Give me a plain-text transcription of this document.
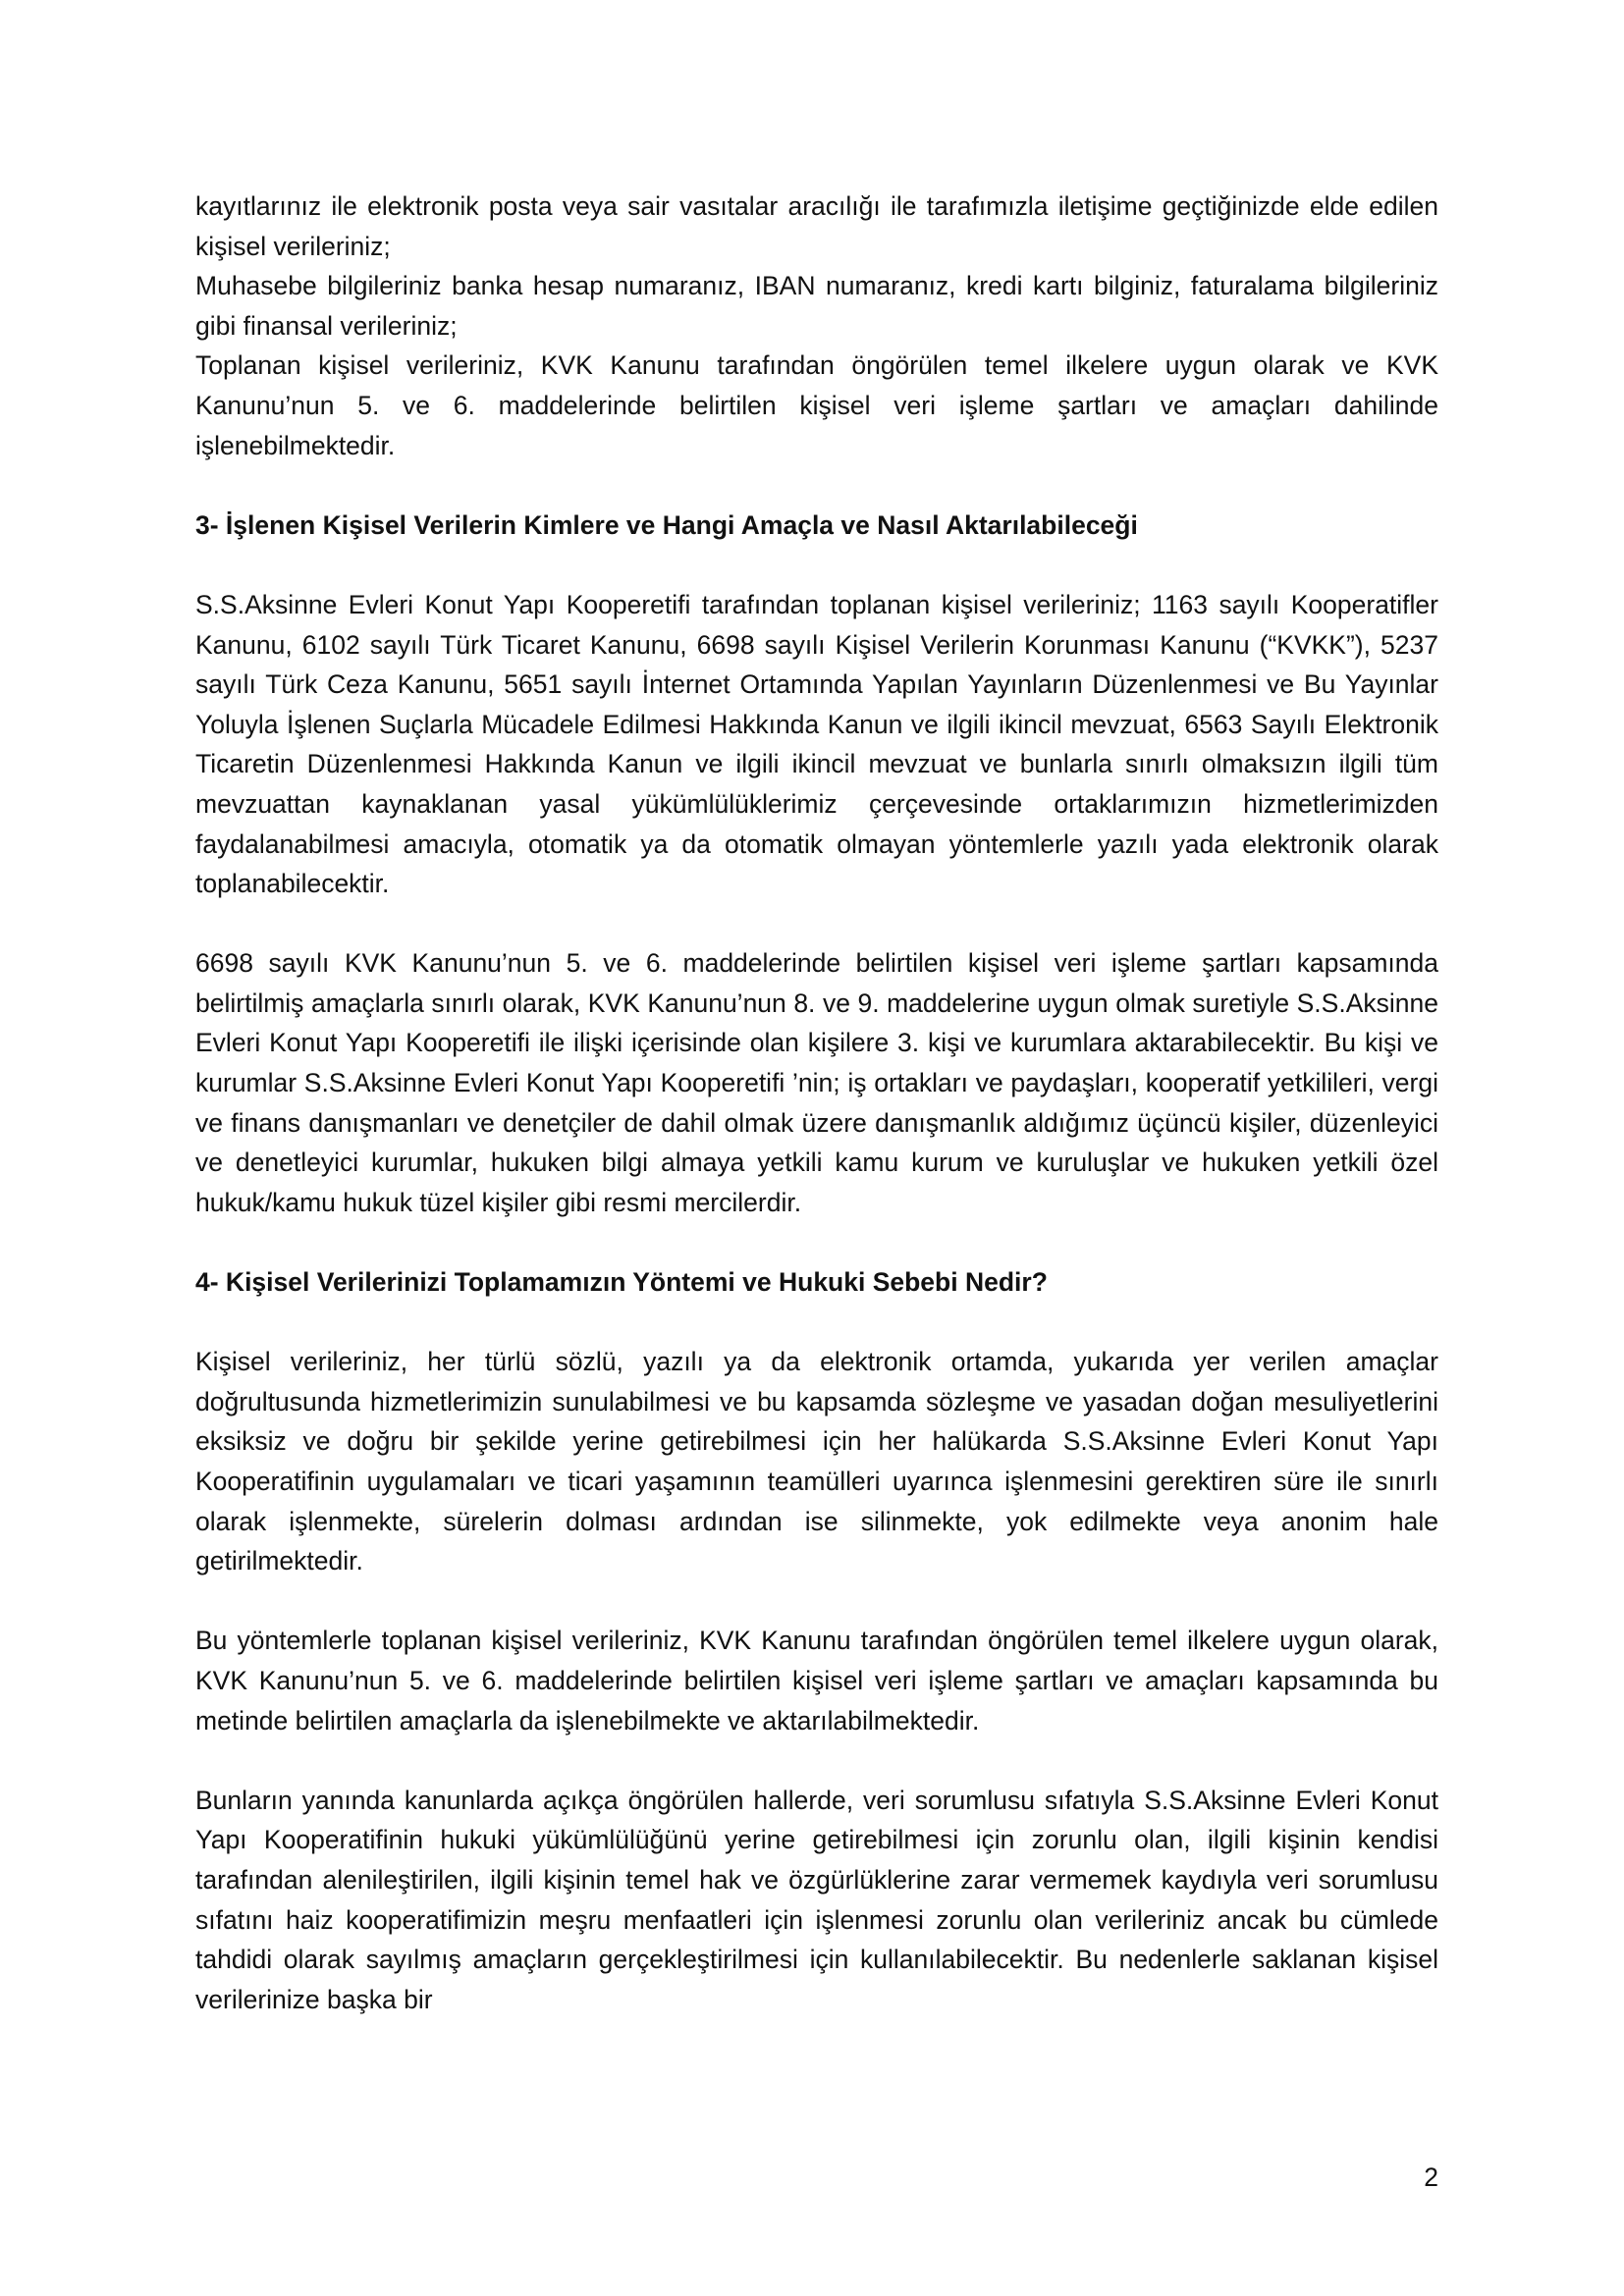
kayıtlarınız ile elektronik posta veya sair vasıtalar aracılığı ile tarafımızla iletişime geçtiğinizde elde edilen kişisel verileriniz;

Muhasebe bilgileriniz banka hesap numaranız, IBAN numaranız, kredi kartı bilginiz, faturalama bilgileriniz gibi finansal verileriniz;

Toplanan kişisel verileriniz, KVK Kanunu tarafından öngörülen temel ilkelere uygun olarak ve KVK Kanunu’nun 5. ve 6. maddelerinde belirtilen kişisel veri işleme şartları ve amaçları dahilinde işlenebilmektedir.

3- İşlenen Kişisel Verilerin Kimlere ve Hangi Amaçla ve Nasıl Aktarılabileceği

S.S.Aksinne Evleri Konut Yapı Kooperetifi tarafından toplanan kişisel verileriniz; 1163 sayılı Kooperatifler Kanunu, 6102 sayılı Türk Ticaret Kanunu, 6698 sayılı Kişisel Verilerin Korunması Kanunu (“KVKK”), 5237 sayılı Türk Ceza Kanunu, 5651 sayılı İnternet Ortamında Yapılan Yayınların Düzenlenmesi ve Bu Yayınlar Yoluyla İşlenen Suçlarla Mücadele Edilmesi Hakkında Kanun ve ilgili ikincil mevzuat, 6563 Sayılı Elektronik Ticaretin Düzenlenmesi Hakkında Kanun ve ilgili ikincil mevzuat ve bunlarla sınırlı olmaksızın ilgili tüm mevzuattan kaynaklanan yasal yükümlülüklerimiz çerçevesinde ortaklarımızın hizmetlerimizden faydalanabilmesi amacıyla, otomatik ya da otomatik olmayan yöntemlerle yazılı yada elektronik olarak toplanabilecektir.

6698 sayılı KVK Kanunu’nun 5. ve 6. maddelerinde belirtilen kişisel veri işleme şartları kapsamında belirtilmiş amaçlarla sınırlı olarak, KVK Kanunu’nun 8. ve 9. maddelerine uygun olmak suretiyle S.S.Aksinne Evleri Konut Yapı Kooperetifi ile ilişki içerisinde olan kişilere 3. kişi ve kurumlara aktarabilecektir. Bu kişi ve kurumlar S.S.Aksinne Evleri Konut Yapı Kooperetifi ’nin; iş ortakları ve paydaşları, kooperatif yetkilileri, vergi ve finans danışmanları ve denetçiler de dahil olmak üzere danışmanlık aldığımız üçüncü kişiler, düzenleyici ve denetleyici kurumlar, hukuken bilgi almaya yetkili kamu kurum ve kuruluşlar ve hukuken yetkili özel hukuk/kamu hukuk tüzel kişiler gibi resmi mercilerdir.

4- Kişisel Verilerinizi Toplamamızın Yöntemi ve Hukuki Sebebi Nedir?

Kişisel verileriniz, her türlü sözlü, yazılı ya da elektronik ortamda, yukarıda yer verilen amaçlar doğrultusunda hizmetlerimizin sunulabilmesi ve bu kapsamda sözleşme ve yasadan doğan mesuliyetlerini eksiksiz ve doğru bir şekilde yerine getirebilmesi için her halükarda S.S.Aksinne Evleri Konut Yapı Kooperatifinin uygulamaları ve ticari yaşamının teamülleri uyarınca işlenmesini gerektiren süre ile sınırlı olarak işlenmekte, sürelerin dolması ardından ise silinmekte, yok edilmekte veya anonim hale getirilmektedir.

Bu yöntemlerle toplanan kişisel verileriniz, KVK Kanunu tarafından öngörülen temel ilkelere uygun olarak, KVK Kanunu’nun 5. ve 6. maddelerinde belirtilen kişisel veri işleme şartları ve amaçları kapsamında bu metinde belirtilen amaçlarla da işlenebilmekte ve aktarılabilmektedir.

Bunların yanında kanunlarda açıkça öngörülen hallerde, veri sorumlusu sıfatıyla S.S.Aksinne Evleri Konut Yapı Kooperatifinin hukuki yükümlülüğünü yerine getirebilmesi için zorunlu olan, ilgili kişinin kendisi tarafından alenileştirilen, ilgili kişinin temel hak ve özgürlüklerine zarar vermemek kaydıyla veri sorumlusu sıfatını haiz kooperatifimizin meşru menfaatleri için işlenmesi zorunlu olan verileriniz ancak bu cümlede tahdidi olarak sayılmış amaçların gerçekleştirilmesi için kullanılabilecektir. Bu nedenlerle saklanan kişisel verilerinize başka bir

2
